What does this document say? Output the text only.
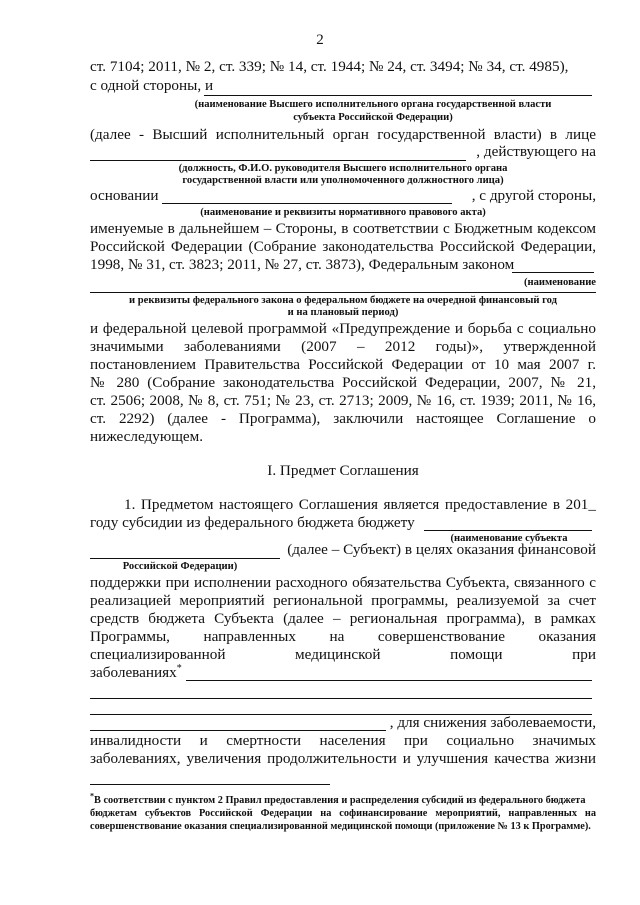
2
ст. 7104; 2011, № 2, ст. 339; № 14, ст. 1944; № 24, ст. 3494; № 34, ст. 4985),
с одной стороны, и
(наименование Высшего исполнительного органа государственной власти
субъекта Российской Федерации)
(далее - Высший исполнительный орган государственной власти) в лице
, действующего на
(должность, Ф.И.О. руководителя Высшего исполнительного органа
государственной власти или уполномоченного должностного лица)
основании	, с другой стороны,
(наименование и реквизиты нормативного правового акта)
именуемые в дальнейшем – Стороны, в соответствии с Бюджетным кодексом
Российской Федерации (Собрание законодательства Российской Федерации,
1998, № 31, ст. 3823; 2011, № 27, ст. 3873), Федеральным законом
(наименование
и реквизиты федерального закона о федеральном бюджете на очередной финансовый год
и на плановый период)
и федеральной целевой программой «Предупреждение и борьба с социально
значимыми заболеваниями (2007 – 2012 годы)», утвержденной
постановлением Правительства Российской Федерации от 10 мая 2007 г.
№ 280 (Собрание законодательства Российской Федерации, 2007, № 21,
ст. 2506; 2008, № 8, ст. 751; № 23, ст. 2713; 2009, № 16, ст. 1939; 2011, № 16,
ст. 2292) (далее - Программа), заключили настоящее Соглашение о
нижеследующем.
I. Предмет Соглашения
1. Предметом настоящего Соглашения является предоставление в 201_
году субсидии из федерального бюджета бюджету
(наименование субъекта
(далее – Субъект) в целях оказания финансовой
Российской Федерации)
поддержки при исполнении расходного обязательства Субъекта, связанного с
реализацией мероприятий региональной программы, реализуемой за счет
средств бюджета Субъекта (далее – региональная программа), в рамках
Программы, направленных на совершенствование оказания
специализированной медицинской помощи при
заболеваниях*
, для снижения заболеваемости,
инвалидности и смертности населения при социально значимых
заболеваниях, увеличения продолжительности и улучшения качества жизни
*В соответствии с пунктом 2 Правил предоставления и распределения субсидий из федерального бюджета
бюджетам субъектов Российской Федерации на софинансирование мероприятий, направленных на
совершенствование оказания специализированной медицинской помощи (приложение № 13 к Программе).
